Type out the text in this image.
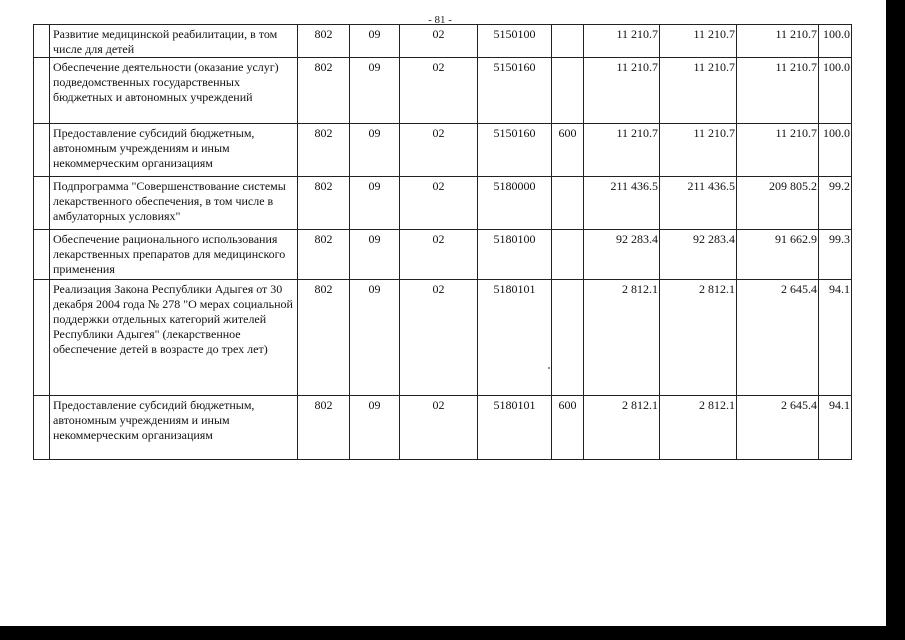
- 81 -
	Развитие медицинской реабилитации, в том числе для детей	802	09	02	5150100		11 210.7	11 210.7	11 210.7	100.0
	Обеспечение деятельности (оказание услуг) подведомственных государственных бюджетных и автономных учреждений	802	09	02	5150160		11 210.7	11 210.7	11 210.7	100.0
	Предоставление субсидий бюджетным, автономным учреждениям и иным некоммерческим организациям	802	09	02	5150160	600	11 210.7	11 210.7	11 210.7	100.0
	Подпрограмма "Совершенствование системы лекарственного обеспечения, в том числе в амбулаторных условиях"	802	09	02	5180000		211 436.5	211 436.5	209 805.2	99.2
	Обеспечение рационального использования лекарственных препаратов для медицинского применения	802	09	02	5180100		92 283.4	92 283.4	91 662.9	99.3
	Реализация Закона Республики Адыгея от 30 декабря 2004 года № 278 "О мерах социальной поддержки отдельных категорий жителей Республики Адыгея" (лекарственное обеспечение детей в возрасте до трех лет)	802	09	02	5180101		2 812.1	2 812.1	2 645.4	94.1
	Предоставление субсидий бюджетным, автономным учреждениям и иным некоммерческим организациям	802	09	02	5180101	600	2 812.1	2 812.1	2 645.4	94.1
